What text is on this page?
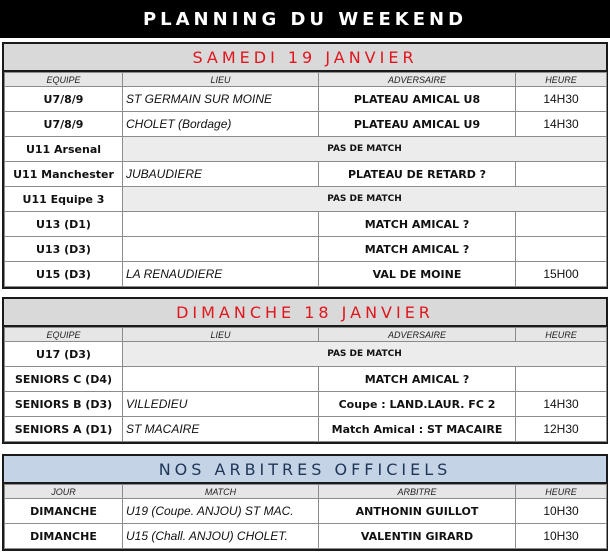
PLANNING DU WEEKEND
SAMEDI 19 JANVIER
EQUIPE	LIEU	ADVERSAIRE	HEURE
U7/8/9	ST GERMAIN SUR MOINE	PLATEAU AMICAL U8	14H30
U7/8/9	CHOLET (Bordage)	PLATEAU AMICAL U9	14H30
U11 Arsenal	PAS DE MATCH		
U11 Manchester	JUBAUDIERE	PLATEAU DE RETARD ?	
U11 Equipe 3	PAS DE MATCH		
U13 (D1)		MATCH AMICAL ?	
U13 (D3)		MATCH AMICAL ?	
U15 (D3)	LA RENAUDIERE	VAL DE MOINE	15H00
DIMANCHE 18 JANVIER
EQUIPE	LIEU	ADVERSAIRE	HEURE
U17 (D3)	PAS DE MATCH		
SENIORS C (D4)		MATCH AMICAL ?	
SENIORS B (D3)	VILLEDIEU	Coupe : LAND.LAUR. FC 2	14H30
SENIORS A (D1)	ST MACAIRE	Match Amical : ST MACAIRE	12H30
NOS ARBITRES OFFICIELS
JOUR	MATCH	ARBITRE	HEURE
DIMANCHE	U19 (Coupe. ANJOU) ST MAC.	ANTHONIN GUILLOT	10H30
DIMANCHE	U15 (Chall. ANJOU) CHOLET.	VALENTIN GIRARD	10H30
